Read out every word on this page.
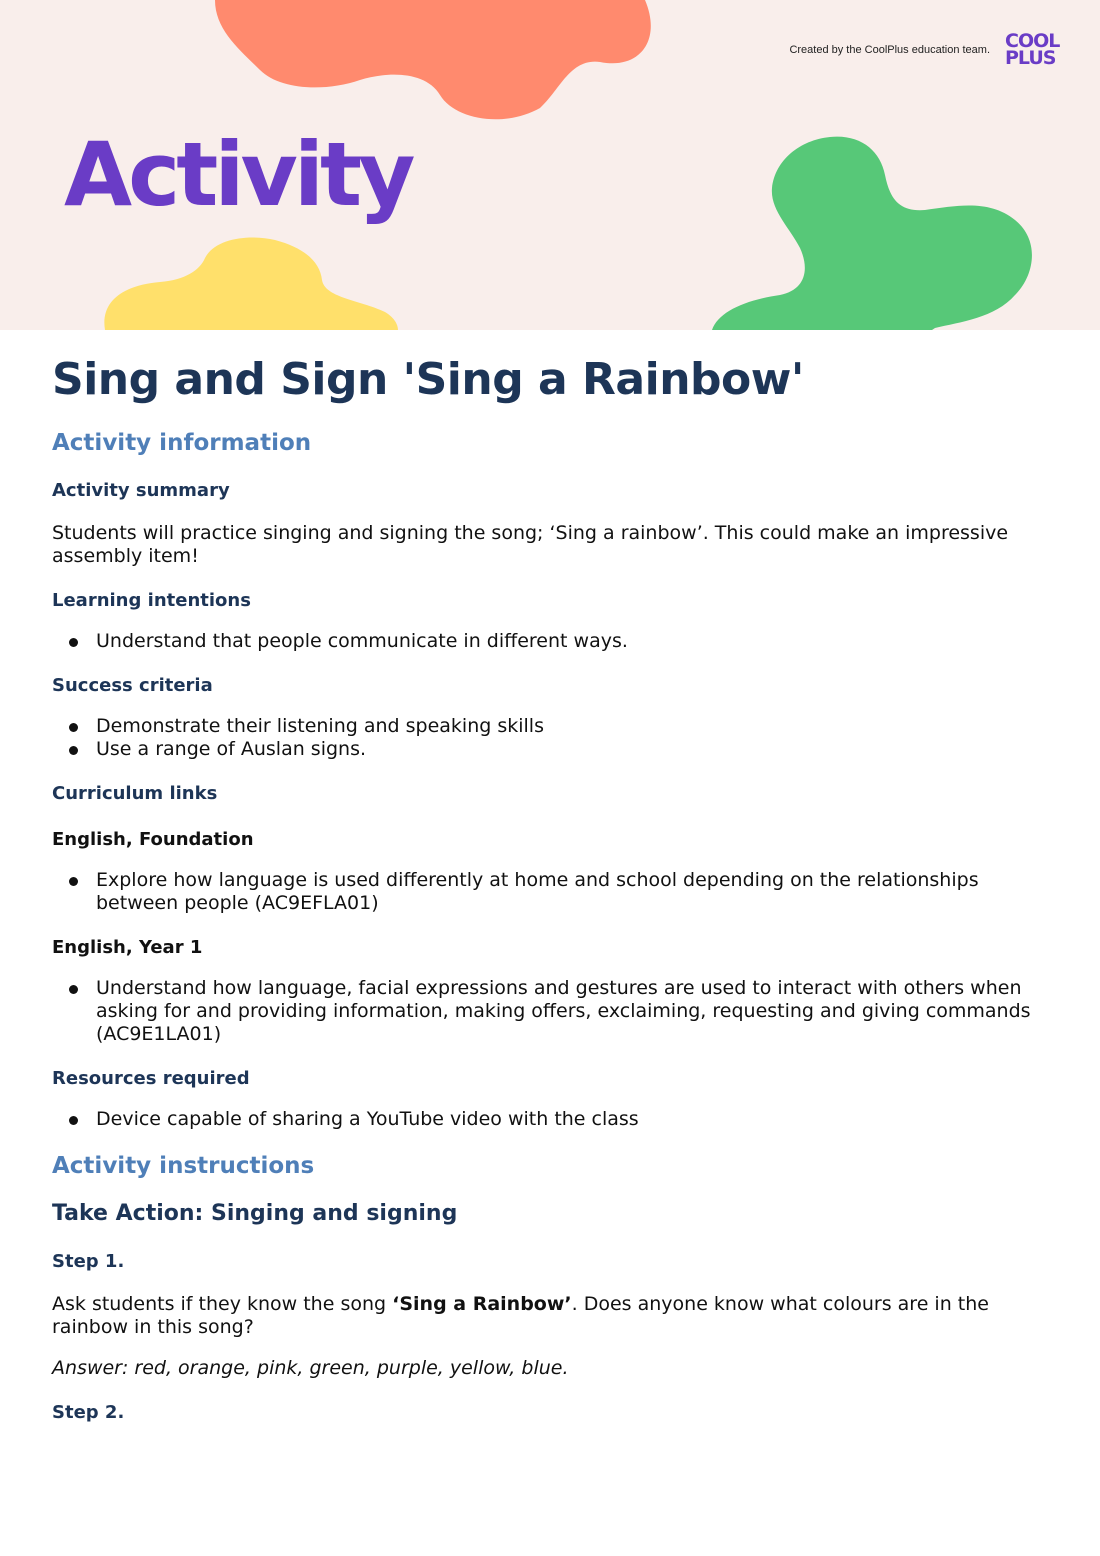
Created by the CoolPlus education team. COOL
PLUS
Activity
Sing and Sign 'Sing a Rainbow'
Activity information
Activity summary

Students will practice singing and signing the song; ‘Sing a rainbow’. This could make an impressive assembly item!

Learning intentions
Understand that people communicate in different ways.
Success criteria
Demonstrate their listening and speaking skills
Use a range of Auslan signs.
Curriculum links
English, Foundation
Explore how language is used differently at home and school depending on the relationships between people (AC9EFLA01)
English, Year 1
Understand how language, facial expressions and gestures are used to interact with others when asking for and providing information, making offers, exclaiming, requesting and giving commands (AC9E1LA01)
Resources required
Device capable of sharing a YouTube video with the class
Activity instructions
Take Action: Singing and signing
Step 1.

Ask students if they know the song ‘Sing a Rainbow’. Does anyone know what colours are in the rainbow in this song?

Answer: red, orange, pink, green, purple, yellow, blue.

Step 2.
